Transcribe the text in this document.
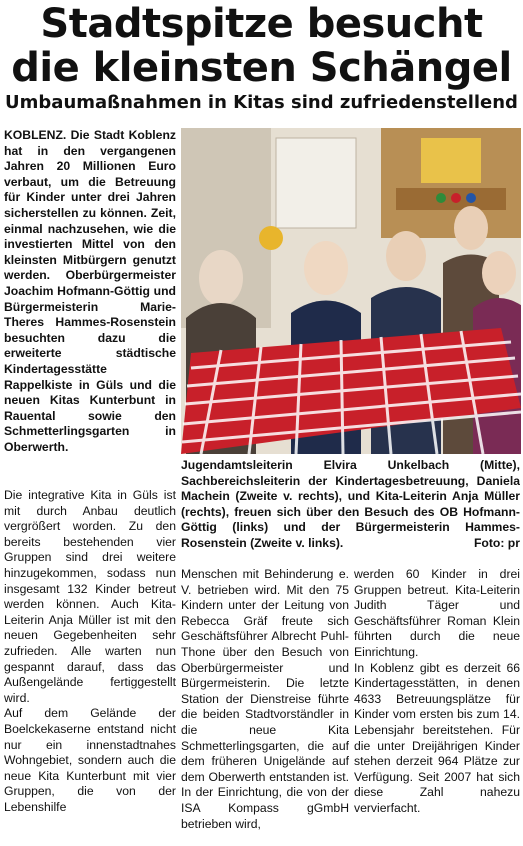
Stadtspitze besucht
die kleinsten Schängel
Umbaumaßnahmen in Kitas sind zufriedenstellend

KOBLENZ. Die Stadt Koblenz hat in den vergangenen Jahren 20 Millionen Euro verbaut, um die Betreuung für Kinder unter drei Jahren sicherstellen zu können. Zeit, einmal nachzusehen, wie die investierten Mittel von den kleinsten Mitbürgern genutzt werden. Oberbürgermeister Joachim Hofmann-Göttig und Bürgermeisterin Marie-Theres Hammes-Rosenstein besuchten dazu die erweiterte städtische Kindertagesstätte Rappelkiste in Güls und die neuen Kitas Kunterbunt in Rauental sowie den Schmetterlingsgarten in Oberwerth.

Jugendamtsleiterin Elvira Unkelbach (Mitte), Sachbereichsleiterin der Kindertagesbetreuung, Daniela Machein (Zweite v. rechts), und Kita-Leiterin Anja Müller (rechts), freuen sich über den Besuch des OB Hofmann-Göttig (links) und der Bürgermeisterin Hammes-Rosenstein (Zweite v. links).	Foto: pr

Die integrative Kita in Güls ist mit durch Anbau deutlich vergrößert worden. Zu den bereits bestehenden vier Gruppen sind drei weitere hinzugekommen, sodass nun insgesamt 132 Kinder betreut werden können. Auch Kita-Leiterin Anja Müller ist mit den neuen Gegebenheiten sehr zufrieden. Alle warten nun gespannt darauf, dass das Außengelände fertiggestellt wird.

Auf dem Gelände der Boelckekaserne entstand nicht nur ein innenstadtnahes Wohngebiet, sondern auch die neue Kita Kunterbunt mit vier Gruppen, die von der Lebenshilfe

Menschen mit Behinderung e. V. betrieben wird. Mit den 75 Kindern unter der Leitung von Rebecca Gräf freute sich Geschäftsführer Albrecht Puhl-Thone über den Besuch von Oberbürgermeister und Bürgermeisterin. Die letzte Station der Dienstreise führte die beiden Stadtvorständler in die neue Kita Schmetterlingsgarten, die auf dem früheren Unigelände auf dem Oberwerth entstanden ist. In der Einrichtung, die von der ISA Kompass gGmbH betrieben wird,

werden 60 Kinder in drei Gruppen betreut. Kita-Leiterin Judith Täger und Geschäftsführer Roman Klein führten durch die neue Einrichtung.

In Koblenz gibt es derzeit 66 Kindertagesstätten, in denen 4633 Betreuungsplätze für Kinder vom ersten bis zum 14. Lebensjahr bereitstehen. Für die unter Dreijährigen Kinder stehen derzeit 964 Plätze zur Verfügung. Seit 2007 hat sich diese Zahl nahezu vervierfacht.
